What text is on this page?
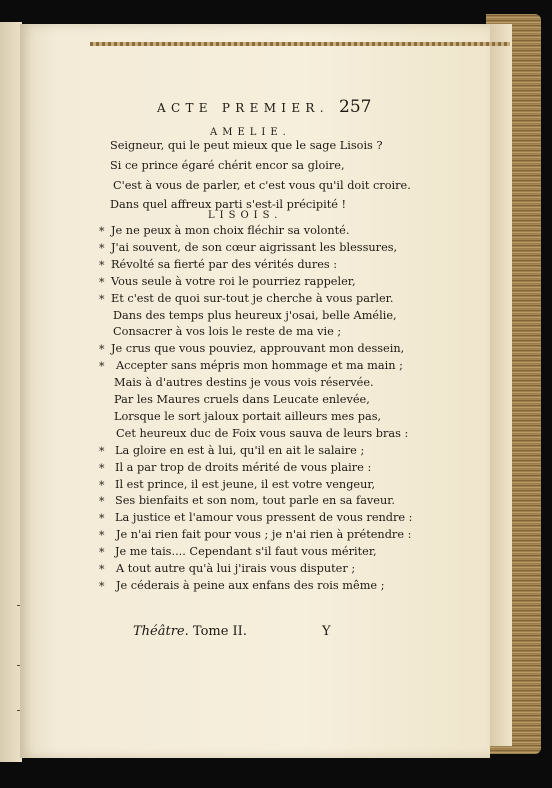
ACTE PREMIER. 257
AMELIE.
Seigneur, qui le peut mieux que le sage Lisois ?
Si ce prince égaré chérit encor sa gloire,
C'est à vous de parler, et c'est vous qu'il doit croire.
Dans quel affreux parti s'est-il précipité !
LISOIS.
* Je ne peux à mon choix fléchir sa volonté.
* J'ai souvent, de son cœur aigrissant les blessures,
* Révolté sa fierté par des vérités dures :
* Vous seule à votre roi le pourriez rappeler,
* Et c'est de quoi sur-tout je cherche à vous parler.
Dans des temps plus heureux j'osai, belle Amélie,
Consacrer à vos lois le reste de ma vie ;
* Je crus que vous pouviez, approuvant mon dessein,
* Accepter sans mépris mon hommage et ma main ;
Mais à d'autres destins je vous vois réservée.
Par les Maures cruels dans Leucate enlevée,
Lorsque le sort jaloux portait ailleurs mes pas,
Cet heureux duc de Foix vous sauva de leurs bras :
* La gloire en est à lui, qu'il en ait le salaire ;
* Il a par trop de droits mérité de vous plaire :
* Il est prince, il est jeune, il est votre vengeur,
* Ses bienfaits et son nom, tout parle en sa faveur.
* La justice et l'amour vous pressent de vous rendre :
* Je n'ai rien fait pour vous ; je n'ai rien à prétendre :
* Je me tais.... Cependant s'il faut vous mériter,
* A tout autre qu'à lui j'irais vous disputer ;
* Je céderais à peine aux enfans des rois même ;
Théâtre. Tome II.	Y
